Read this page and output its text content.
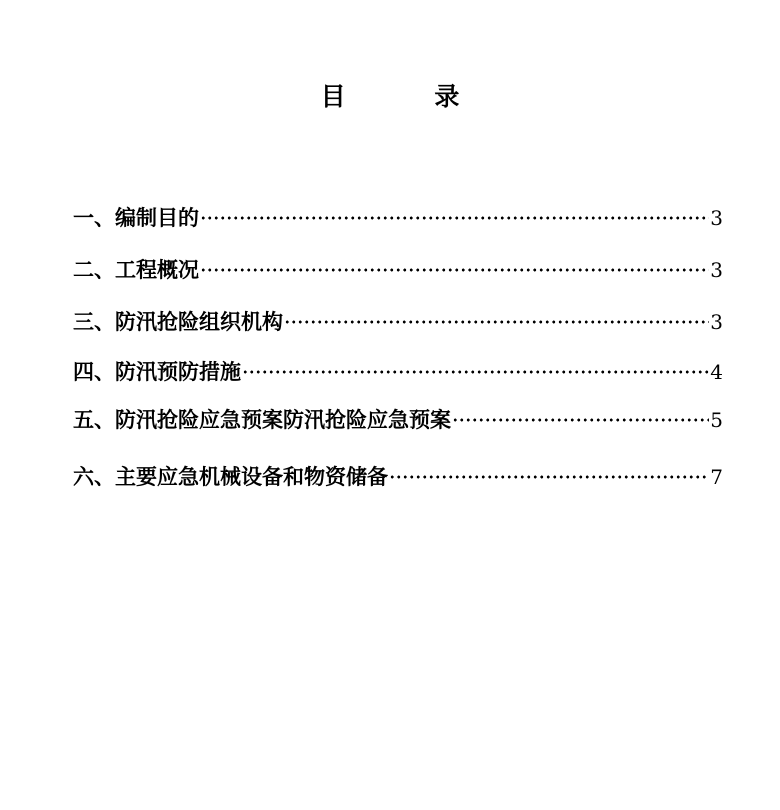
目 录
一、编制目的	3
二、工程概况	3
三、防汛抢险组织机构	3
四、防汛预防措施	4
五、防汛抢险应急预案防汛抢险应急预案	5
六、主要应急机械设备和物资储备	7
